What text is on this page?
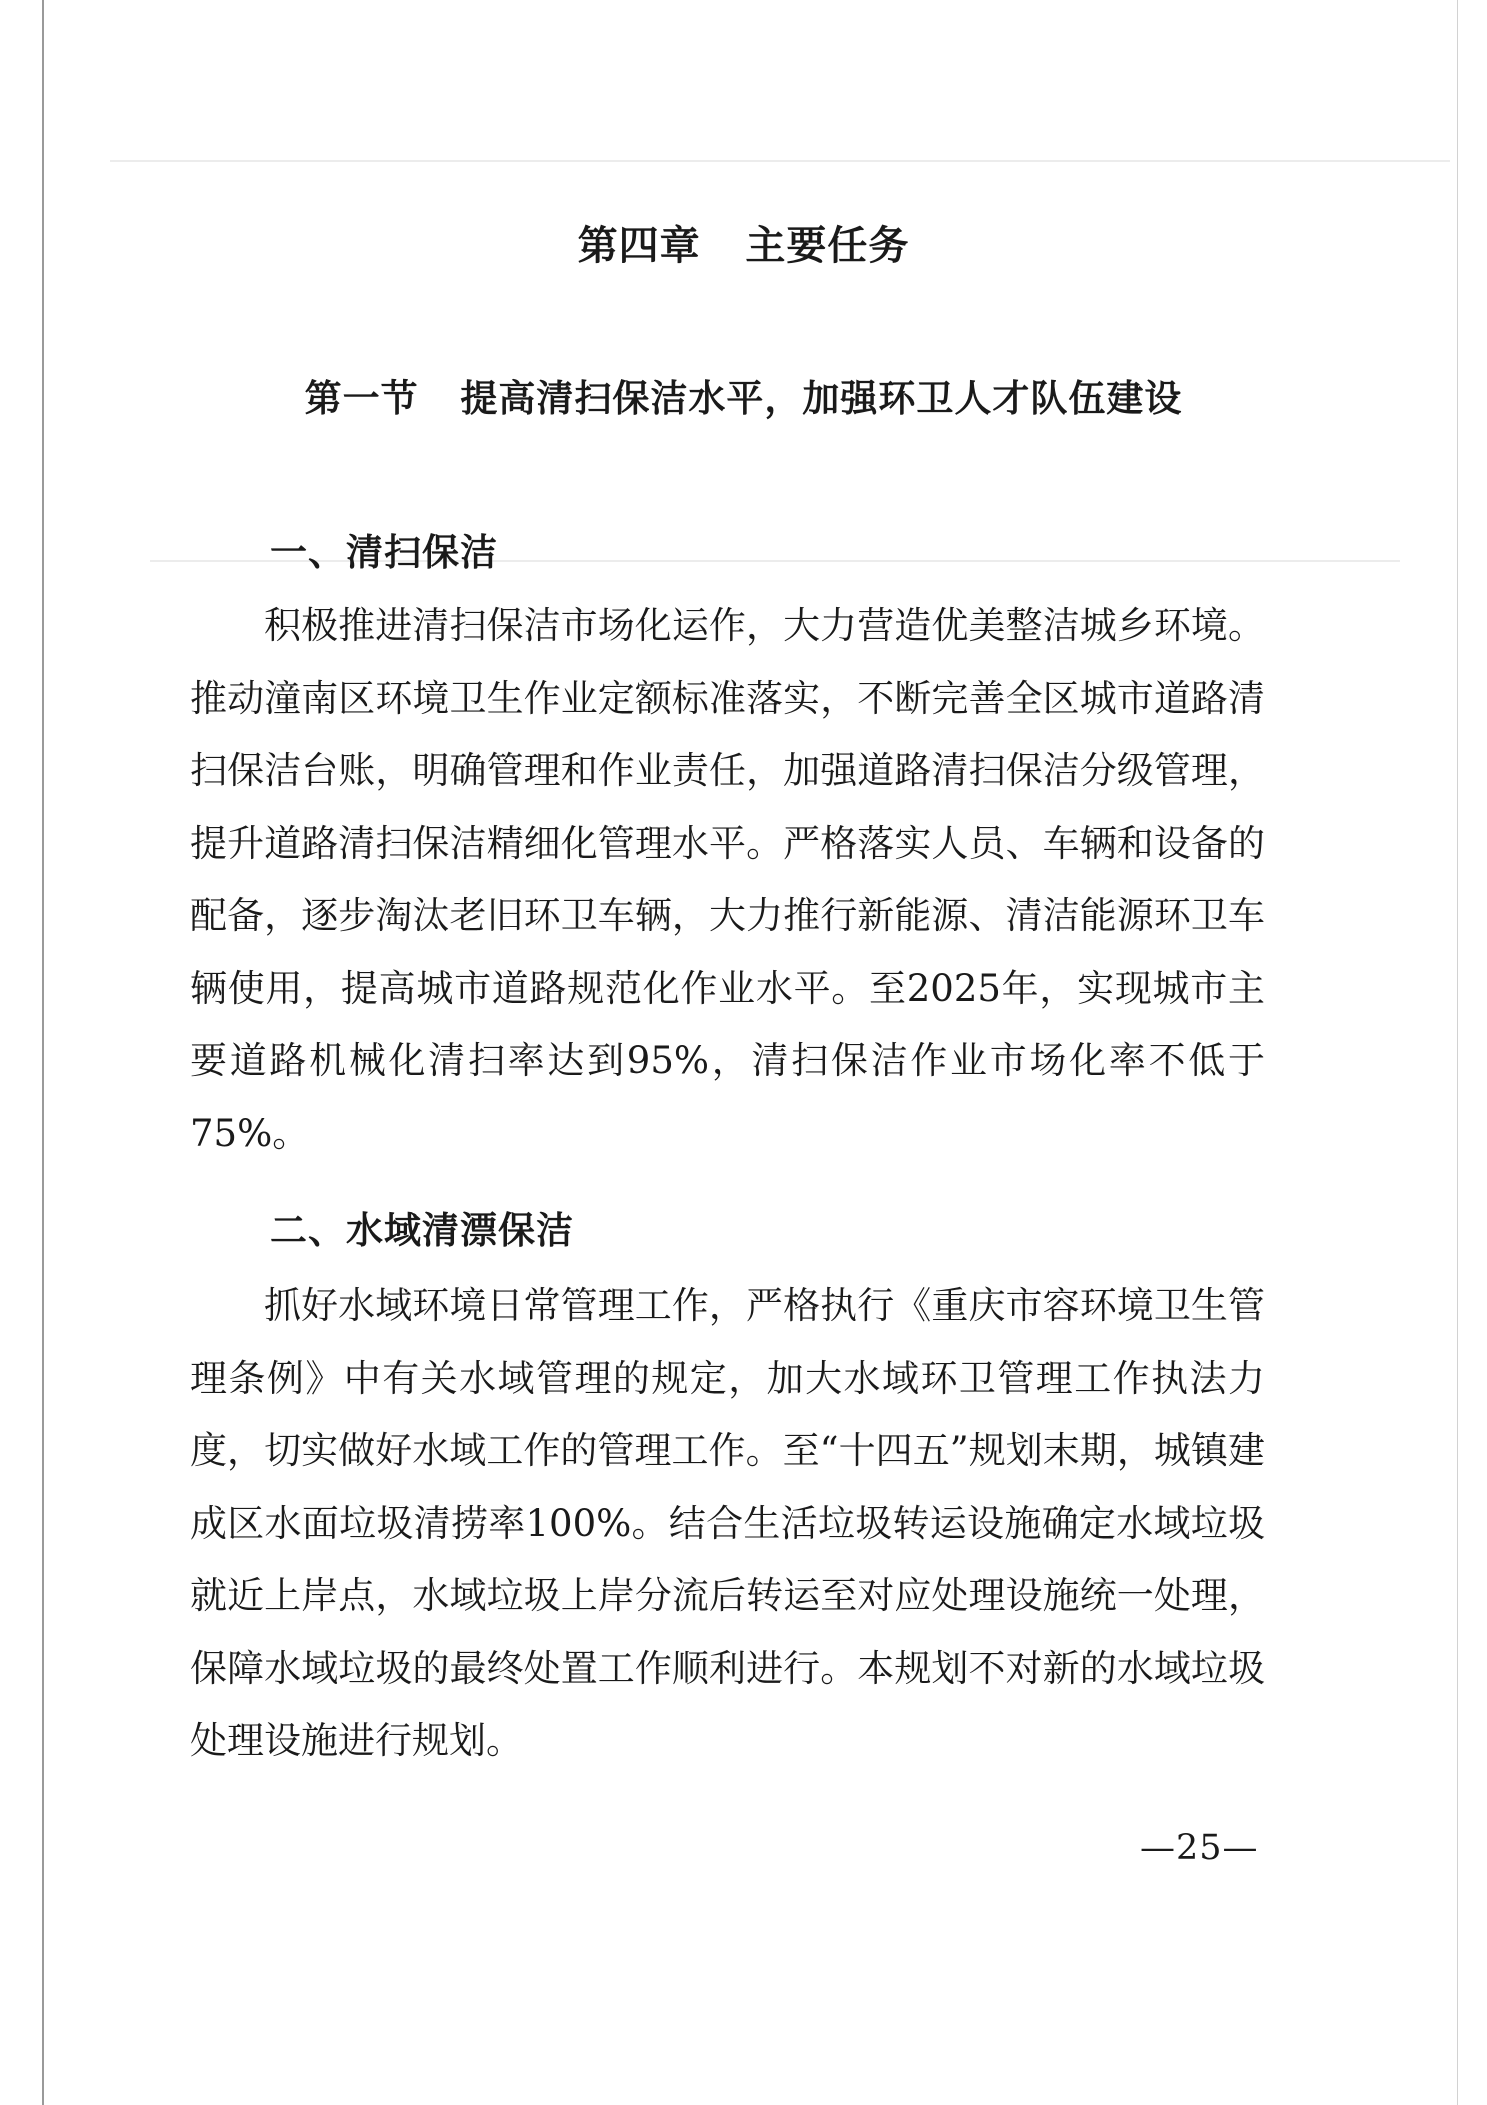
第四章   主要任务
第一节   提高清扫保洁水平，加强环卫人才队伍建设
一、清扫保洁
积极推进清扫保洁市场化运作，大力营造优美整洁城乡环境。推动潼南区环境卫生作业定额标准落实，不断完善全区城市道路清扫保洁台账，明确管理和作业责任，加强道路清扫保洁分级管理，提升道路清扫保洁精细化管理水平。严格落实人员、车辆和设备的配备，逐步淘汰老旧环卫车辆，大力推行新能源、清洁能源环卫车辆使用，提高城市道路规范化作业水平。至2025年，实现城市主要道路机械化清扫率达到95%，清扫保洁作业市场化率不低于75%。
二、水域清漂保洁
抓好水域环境日常管理工作，严格执行《重庆市容环境卫生管理条例》中有关水域管理的规定，加大水域环卫管理工作执法力度，切实做好水域工作的管理工作。至“十四五”规划末期，城镇建成区水面垃圾清捞率100%。结合生活垃圾转运设施确定水域垃圾就近上岸点，水域垃圾上岸分流后转运至对应处理设施统一处理，保障水域垃圾的最终处置工作顺利进行。本规划不对新的水域垃圾处理设施进行规划。
—25—
